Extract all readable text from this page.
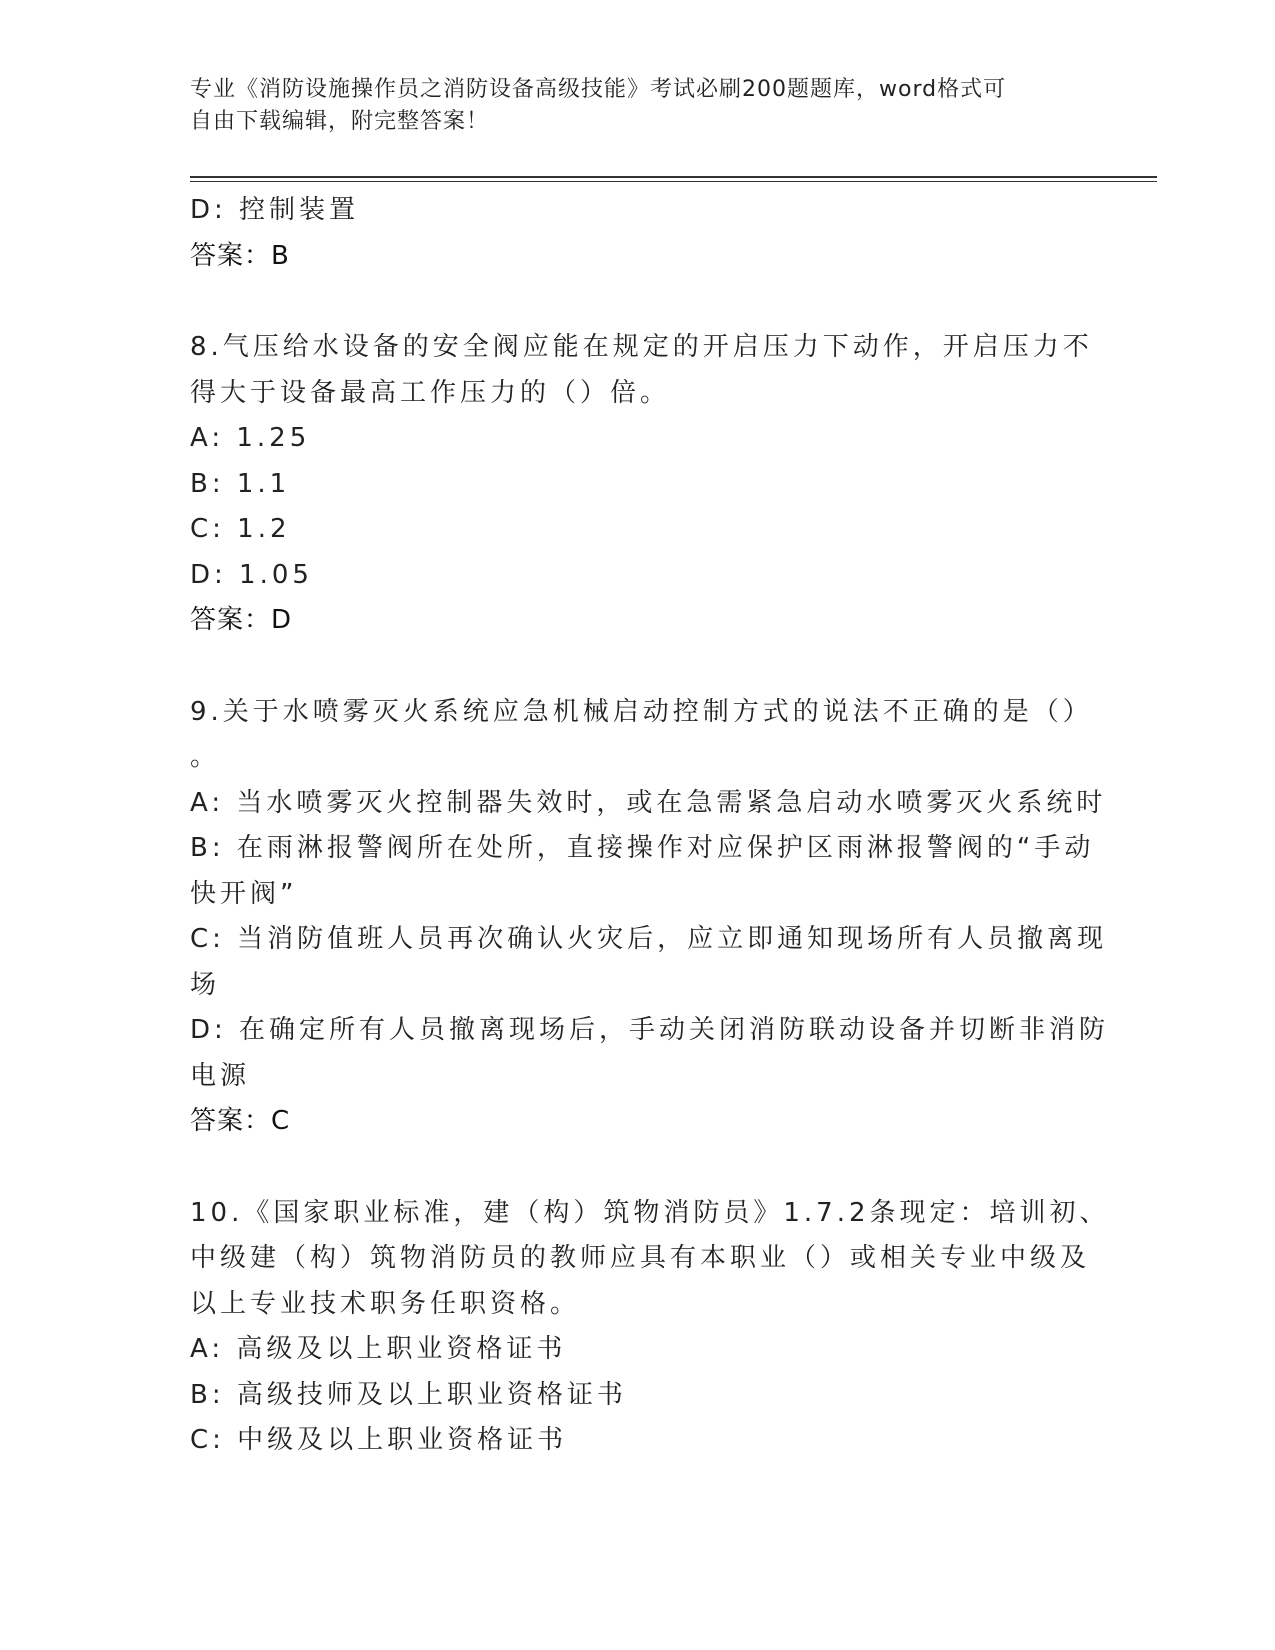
专业《消防设施操作员之消防设备高级技能》考试必刷200题题库，word格式可
自由下载编辑，附完整答案！
D: 控制装置
答案：B
8.气压给水设备的安全阀应能在规定的开启压力下动作，开启压力不
得大于设备最高工作压力的（）倍。
A: 1.25
B: 1.1
C: 1.2
D: 1.05
答案：D
9.关于水喷雾灭火系统应急机械启动控制方式的说法不正确的是（）
。
A: 当水喷雾灭火控制器失效时，或在急需紧急启动水喷雾灭火系统时
B: 在雨淋报警阀所在处所，直接操作对应保护区雨淋报警阀的“手动
快开阀”
C: 当消防值班人员再次确认火灾后，应立即通知现场所有人员撤离现
场
D: 在确定所有人员撤离现场后，手动关闭消防联动设备并切断非消防
电源
答案：C
10.《国家职业标准，建（构）筑物消防员》1.7.2条现定：培训初、
中级建（构）筑物消防员的教师应具有本职业（）或相关专业中级及
以上专业技术职务任职资格。
A: 高级及以上职业资格证书
B: 高级技师及以上职业资格证书
C: 中级及以上职业资格证书
